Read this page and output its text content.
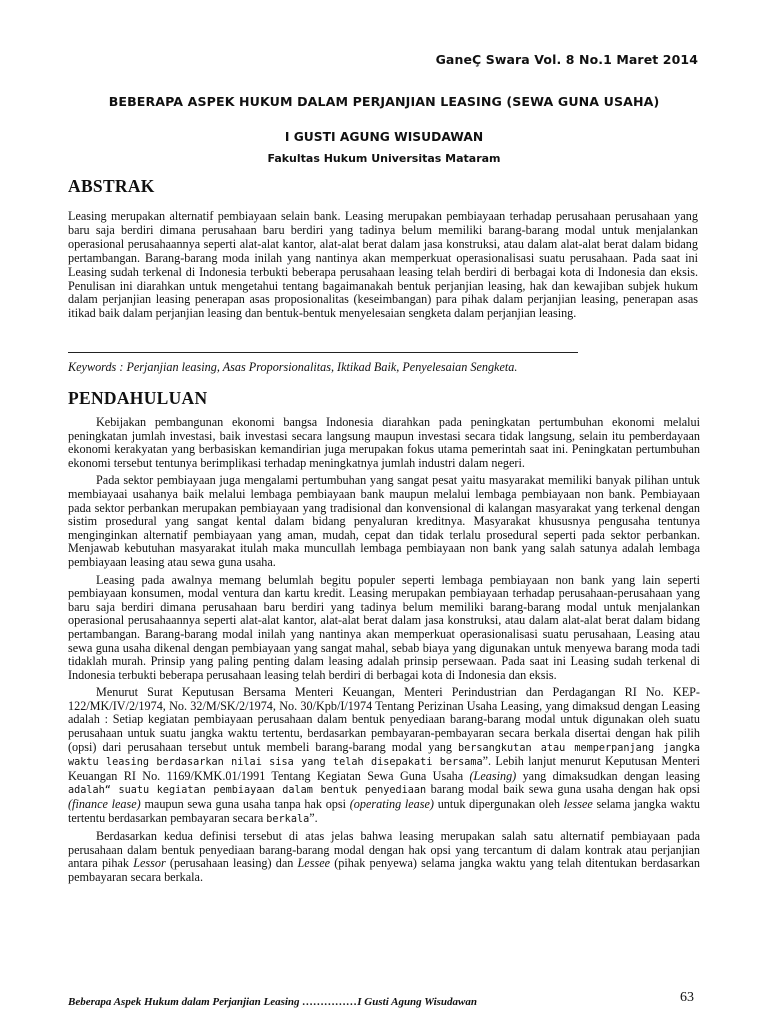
GaneÇ Swara Vol. 8 No.1 Maret 2014
BEBERAPA ASPEK HUKUM DALAM PERJANJIAN LEASING (SEWA GUNA USAHA)
I GUSTI AGUNG WISUDAWAN
Fakultas Hukum Universitas Mataram
ABSTRAK

Leasing merupakan alternatif pembiayaan selain bank. Leasing merupakan pembiayaan terhadap perusahaan perusahaan yang baru saja berdiri dimana perusahaan baru berdiri yang tadinya belum memiliki barang-barang modal untuk menjalankan operasional perusahaannya seperti alat-alat kantor, alat-alat berat dalam jasa konstruksi, atau dalam alat-alat berat dalam bidang pertambangan. Barang-barang moda inilah yang nantinya akan memperkuat operasionalisasi suatu perusahaan. Pada saat ini Leasing sudah terkenal di Indonesia terbukti beberapa perusahaan leasing telah berdiri di berbagai kota di Indonesia dan eksis. Penulisan ini diarahkan untuk mengetahui tentang bagaimanakah bentuk perjanjian leasing, hak dan kewajiban subjek hukum dalam perjanjian leasing penerapan asas proposionalitas (keseimbangan) para pihak dalam perjanjian leasing, penerapan asas itikad baik dalam perjanjian leasing dan bentuk-bentuk menyelesaian sengketa dalam perjanjian leasing.

Keywords : Perjanjian leasing, Asas Proporsionalitas, Iktikad Baik, Penyelesaian Sengketa.
PENDAHULUAN

Kebijakan pembangunan ekonomi bangsa Indonesia diarahkan pada peningkatan pertumbuhan ekonomi melalui peningkatan jumlah investasi, baik investasi secara langsung maupun investasi secara tidak langsung, selain itu pemberdayaan ekonomi kerakyatan yang berbasiskan kemandirian juga merupakan fokus utama pemerintah saat ini. Peningkatan pertumbuhan ekonomi tersebut tentunya berimplikasi terhadap meningkatnya jumlah industri dalam negeri.

Pada sektor pembiayaan juga mengalami pertumbuhan yang sangat pesat yaitu masyarakat memiliki banyak pilihan untuk membiayaai usahanya baik melalui lembaga pembiayaan bank maupun melalui lembaga pembiayaan non bank. Pembiayaan pada sektor perbankan merupakan pembiayaan yang tradisional dan konvensional di kalangan masyarakat yang terkenal dengan sistim prosedural yang sangat kental dalam bidang penyaluran kreditnya. Masyarakat khususnya pengusaha tentunya menginginkan alternatif pembiayaan yang aman, mudah, cepat dan tidak terlalu prosedural seperti pada sektor perbankan. Menjawab kebutuhan masyarakat itulah maka muncullah lembaga pembiayaan non bank yang salah satunya adalah lembaga pembiayaan leasing atau sewa guna usaha.

Leasing pada awalnya memang belumlah begitu populer seperti lembaga pembiayaan non bank yang lain seperti pembiayaan konsumen, modal ventura dan kartu kredit. Leasing merupakan pembiayaan terhadap perusahaan-perusahaan yang baru saja berdiri dimana perusahaan baru berdiri yang tadinya belum memiliki barang-barang modal untuk menjalankan operasional perusahaannya seperti alat-alat kantor, alat-alat berat dalam jasa konstruksi, atau dalam alat-alat berat dalam bidang pertambangan. Barang-barang modal inilah yang nantinya akan memperkuat operasionalisasi suatu perusahaan, Leasing atau sewa guna usaha dikenal dengan pembiayaan yang sangat mahal, sebab biaya yang digunakan untuk menyewa barang moda tadi tidaklah murah. Prinsip yang paling penting dalam leasing adalah prinsip persewaan. Pada saat ini Leasing sudah terkenal di Indonesia terbukti beberapa perusahaan leasing telah berdiri di berbagai kota di Indonesia dan eksis.

Menurut Surat Keputusan Bersama Menteri Keuangan, Menteri Perindustrian dan Perdagangan RI No. KEP-122/MK/IV/2/1974, No. 32/M/SK/2/1974, No. 30/Kpb/I/1974 Tentang Perizinan Usaha Leasing, yang dimaksud dengan Leasing adalah : Setiap kegiatan pembiayaan perusahaan dalam bentuk penyediaan barang-barang modal untuk digunakan oleh suatu perusahaan untuk suatu jangka waktu tertentu, berdasarkan pembayaran-pembayaran secara berkala disertai dengan hak pilih (opsi) dari perusahaan tersebut untuk membeli barang-barang modal yang bersangkutan atau memperpanjang jangka waktu leasing berdasarkan nilai sisa yang telah disepakati bersama”. Lebih lanjut menurut Keputusan Menteri Keuangan RI No. 1169/KMK.01/1991 Tentang Kegiatan Sewa Guna Usaha (Leasing) yang dimaksudkan dengan leasing adalah“ suatu kegiatan pembiayaan dalam bentuk penyediaan barang modal baik sewa guna usaha dengan hak opsi (finance lease) maupun sewa guna usaha tanpa hak opsi (operating lease) untuk dipergunakan oleh lessee selama jangka waktu tertentu berdasarkan pembayaran secara berkala”.

Berdasarkan kedua definisi tersebut di atas jelas bahwa leasing merupakan salah satu alternatif pembiayaan pada perusahaan dalam bentuk penyediaan barang-barang modal dengan hak opsi yang tercantum di dalam kontrak atau perjanjian antara pihak Lessor (perusahaan leasing) dan Lessee (pihak penyewa) selama jangka waktu yang telah ditentukan berdasarkan pembayaran secara berkala.

Beberapa Aspek Hukum dalam Perjanjian Leasing ……………I Gusti Agung Wisudawan	63
